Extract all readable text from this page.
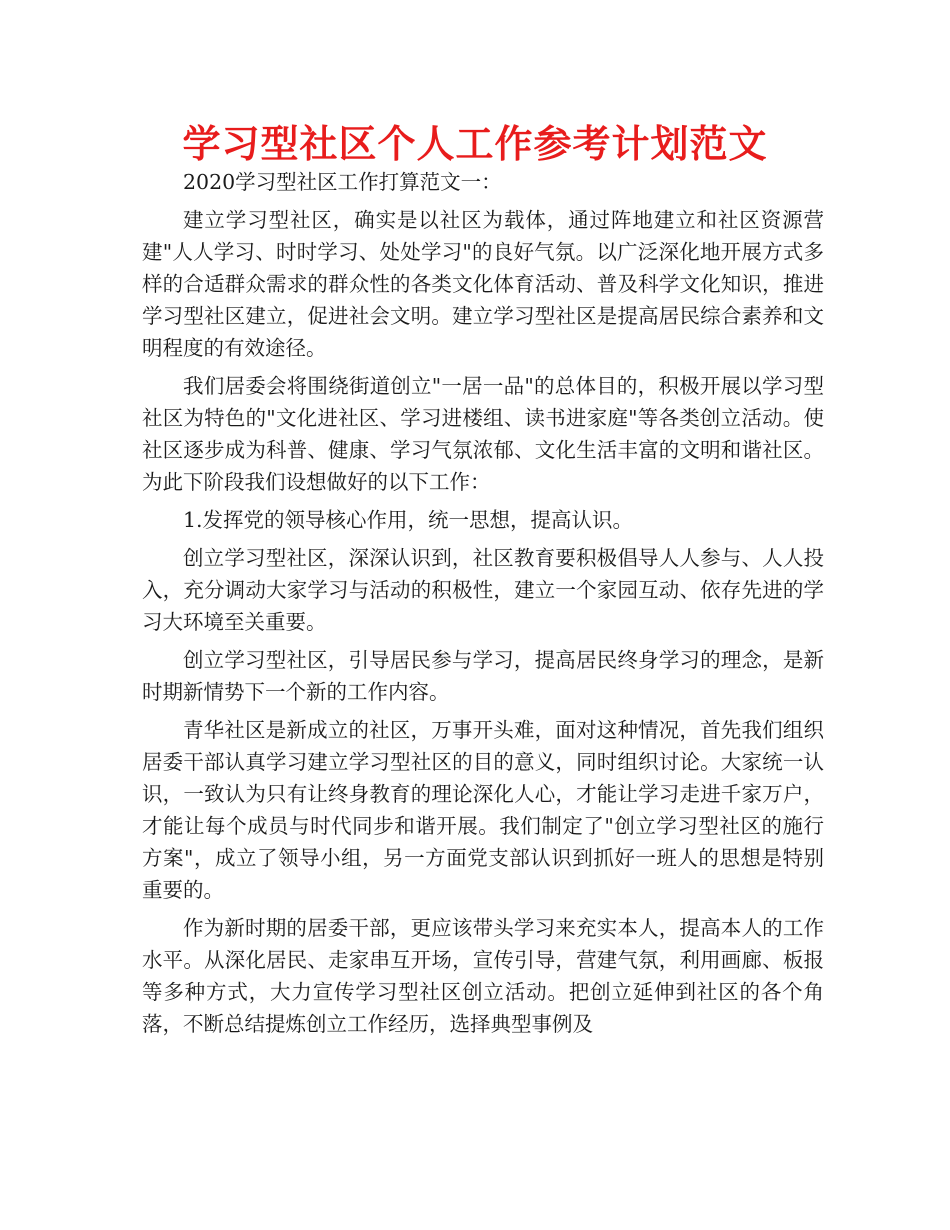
学习型社区个人工作参考计划范文

2020学习型社区工作打算范文一：

建立学习型社区，确实是以社区为载体，通过阵地建立和社区资源营建"人人学习、时时学习、处处学习"的良好气氛。以广泛深化地开展方式多样的合适群众需求的群众性的各类文化体育活动、普及科学文化知识，推进学习型社区建立，促进社会文明。建立学习型社区是提高居民综合素养和文明程度的有效途径。

我们居委会将围绕街道创立"一居一品"的总体目的，积极开展以学习型社区为特色的"文化进社区、学习进楼组、读书进家庭"等各类创立活动。使社区逐步成为科普、健康、学习气氛浓郁、文化生活丰富的文明和谐社区。为此下阶段我们设想做好的以下工作：

1.发挥党的领导核心作用，统一思想，提高认识。

创立学习型社区，深深认识到，社区教育要积极倡导人人参与、人人投入，充分调动大家学习与活动的积极性，建立一个家园互动、依存先进的学习大环境至关重要。

创立学习型社区，引导居民参与学习，提高居民终身学习的理念，是新时期新情势下一个新的工作内容。

青华社区是新成立的社区，万事开头难，面对这种情况，首先我们组织居委干部认真学习建立学习型社区的目的意义，同时组织讨论。大家统一认识，一致认为只有让终身教育的理论深化人心，才能让学习走进千家万户，才能让每个成员与时代同步和谐开展。我们制定了"创立学习型社区的施行方案"，成立了领导小组，另一方面党支部认识到抓好一班人的思想是特别重要的。

作为新时期的居委干部，更应该带头学习来充实本人，提高本人的工作水平。从深化居民、走家串互开场，宣传引导，营建气氛，利用画廊、板报等多种方式，大力宣传学习型社区创立活动。把创立延伸到社区的各个角落，不断总结提炼创立工作经历，选择典型事例及
